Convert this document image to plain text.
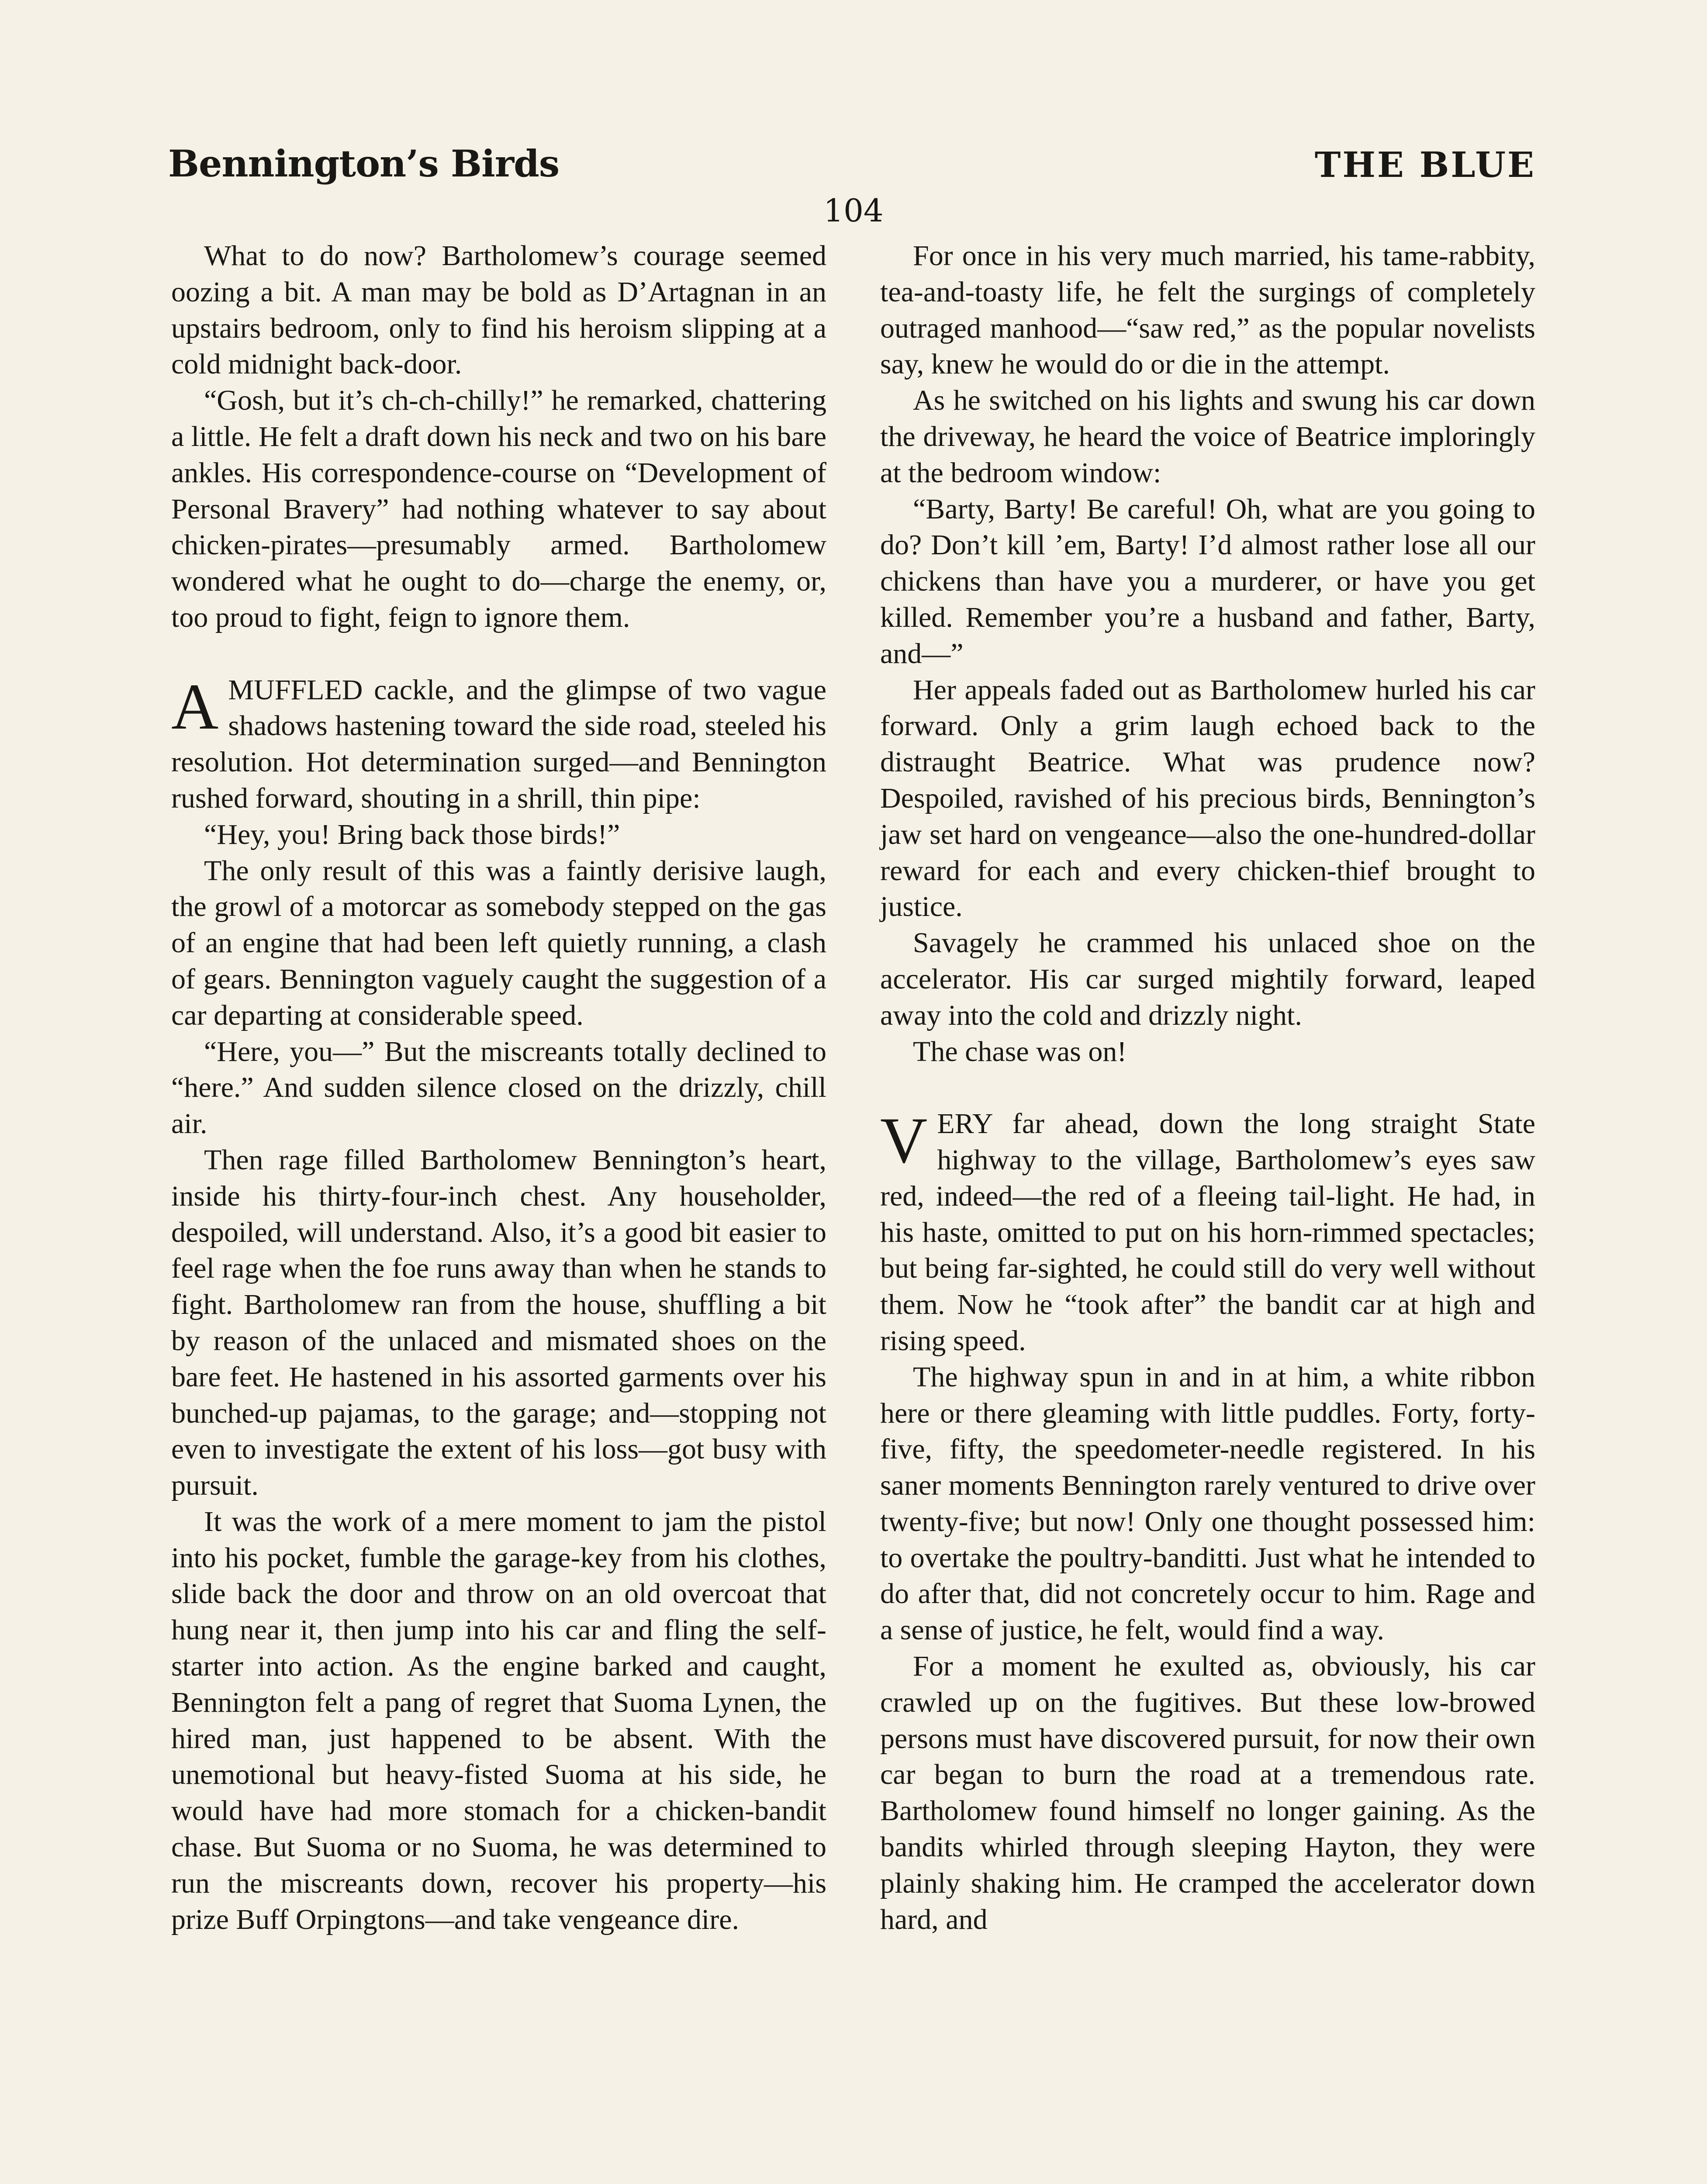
Bennington’s Birds	THE BLUE
104

What to do now? Bartholomew’s courage seemed oozing a bit. A man may be bold as D’Artagnan in an upstairs bedroom, only to find his heroism slipping at a cold midnight back-door.

“Gosh, but it’s ch-ch-chilly!” he remarked, chattering a little. He felt a draft down his neck and two on his bare ankles. His correspondence-course on “Development of Personal Bravery” had nothing whatever to say about chicken-pirates—presumably armed. Bartholomew wondered what he ought to do—charge the enemy, or, too proud to fight, feign to ignore them.

AMUFFLED cackle, and the glimpse of two vague shadows hastening toward the side road, steeled his resolution. Hot determination surged—and Bennington rushed forward, shouting in a shrill, thin pipe:

“Hey, you! Bring back those birds!”

The only result of this was a faintly derisive laugh, the growl of a motorcar as somebody stepped on the gas of an engine that had been left quietly running, a clash of gears. Bennington vaguely caught the suggestion of a car departing at considerable speed.

“Here, you—” But the miscreants totally declined to “here.” And sudden silence closed on the drizzly, chill air.

Then rage filled Bartholomew Bennington’s heart, inside his thirty-four-inch chest. Any householder, despoiled, will understand. Also, it’s a good bit easier to feel rage when the foe runs away than when he stands to fight. Bartholomew ran from the house, shuffling a bit by reason of the unlaced and mismated shoes on the bare feet. He hastened in his assorted garments over his bunched-up pajamas, to the garage; and—stopping not even to investigate the extent of his loss—got busy with pursuit.

It was the work of a mere moment to jam the pistol into his pocket, fumble the garage-key from his clothes, slide back the door and throw on an old overcoat that hung near it, then jump into his car and fling the self-starter into action. As the engine barked and caught, Bennington felt a pang of regret that Suoma Lynen, the hired man, just happened to be absent. With the unemotional but heavy-fisted Suoma at his side, he would have had more stomach for a chicken-bandit chase. But Suoma or no Suoma, he was determined to run the miscreants down, recover his property—his prize Buff Orpingtons—and take vengeance dire.

For once in his very much married, his tame-rabbity, tea-and-toasty life, he felt the surgings of completely outraged manhood—“saw red,” as the popular novelists say, knew he would do or die in the attempt.

As he switched on his lights and swung his car down the driveway, he heard the voice of Beatrice imploringly at the bedroom window:

“Barty, Barty! Be careful! Oh, what are you going to do? Don’t kill ’em, Barty! I’d almost rather lose all our chickens than have you a murderer, or have you get killed. Remember you’re a husband and father, Barty, and—”

Her appeals faded out as Bartholomew hurled his car forward. Only a grim laugh echoed back to the distraught Beatrice. What was prudence now? Despoiled, ravished of his precious birds, Bennington’s jaw set hard on vengeance—also the one-hundred-dollar reward for each and every chicken-thief brought to justice.

Savagely he crammed his unlaced shoe on the accelerator. His car surged mightily forward, leaped away into the cold and drizzly night.

The chase was on!

VERY far ahead, down the long straight State highway to the village, Bartholomew’s eyes saw red, indeed—the red of a fleeing tail-light. He had, in his haste, omitted to put on his horn-rimmed spectacles; but being far-sighted, he could still do very well without them. Now he “took after” the bandit car at high and rising speed.

The highway spun in and in at him, a white ribbon here or there gleaming with little puddles. Forty, forty-five, fifty, the speedometer-needle registered. In his saner moments Bennington rarely ventured to drive over twenty-five; but now! Only one thought possessed him: to overtake the poultry-banditti. Just what he intended to do after that, did not concretely occur to him. Rage and a sense of justice, he felt, would find a way.

For a moment he exulted as, obviously, his car crawled up on the fugitives. But these low-browed persons must have discovered pursuit, for now their own car began to burn the road at a tremendous rate. Bartholomew found himself no longer gaining. As the bandits whirled through sleeping Hayton, they were plainly shaking him. He cramped the accelerator down hard, and
